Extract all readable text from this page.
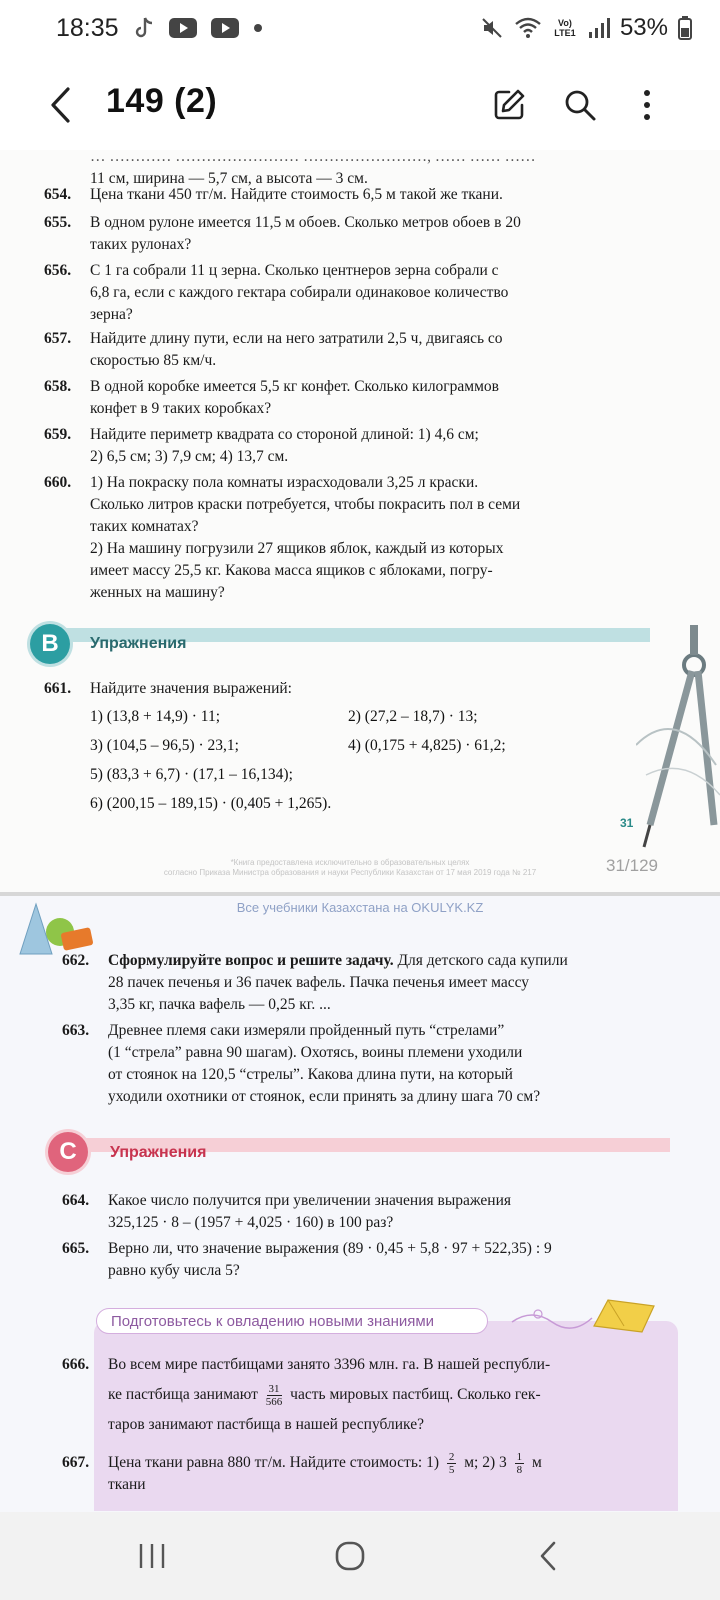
18:35	Vo) LTE1 53%
149 (2)
… ………… …………………… ……………………, …… …… ……
11 см, ширина — 5,7 см, а высота — 3 см.
654. Цена ткани 450 тг/м. Найдите стоимость 6,5 м такой же ткани.
655. В одном рулоне имеется 11,5 м обоев. Сколько метров обоев в 20
таких рулонах?
656. С 1 га собрали 11 ц зерна. Сколько центнеров зерна собрали с
6,8 га, если с каждого гектара собирали одинаковое количество
зерна?
657. Найдите длину пути, если на него затратили 2,5 ч, двигаясь со
скоростью 85 км/ч.
658. В одной коробке имеется 5,5 кг конфет. Сколько килограммов
конфет в 9 таких коробках?
659. Найдите периметр квадрата со стороной длиной: 1) 4,6 см;
2) 6,5 см; 3) 7,9 см; 4) 13,7 см.
660. 1) На покраску пола комнаты израсходовали 3,25 л краски.
Сколько литров краски потребуется, чтобы покрасить пол в семи
таких комнатах?
2) На машину погрузили 27 ящиков яблок, каждый из которых
имеет массу 25,5 кг. Какова масса ящиков с яблоками, погру-
женных на машину?
B	Упражнения
661. Найдите значения выражений:
1) (13,8 + 14,9) · 11;	2) (27,2 – 18,7) · 13;
3) (104,5 – 96,5) · 23,1;	4) (0,175 + 4,825) · 61,2;
5) (83,3 + 6,7) · (17,1 – 16,134);
6) (200,15 – 189,15) · (0,405 + 1,265).
31
31/129
*Книга предоставлена исключительно в образовательных целях
согласно Приказа Министра образования и науки Республики Казахстан от 17 мая 2019 года № 217
Все учебники Казахстана на OKULYK.KZ
662. Сформулируйте вопрос и решите задачу. Для детского сада купили
28 пачек печенья и 36 пачек вафель. Пачка печенья имеет массу
3,35 кг, пачка вафель — 0,25 кг. ...
663. Древнее племя саки измеряли пройденный путь “стрелами”
(1 “стрела” равна 90 шагам). Охотясь, воины племени уходили
от стоянок на 120,5 “стрелы”. Какова длина пути, на который
уходили охотники от стоянок, если принять за длину шага 70 см?
C	Упражнения
664. Какое число получится при увеличении значения выражения
325,125 · 8 – (1957 + 4,025 · 160) в 100 раз?
665. Верно ли, что значение выражения (89 · 0,45 + 5,8 · 97 + 522,35) : 9
равно кубу числа 5?
Подготовьтесь к овладению новыми знаниями
666. Во всем мире пастбищами занято 3396 млн. га. В нашей республи-
ке пастбища занимают $\frac{31}{566}$ часть мировых пастбищ. Сколько гек-
таров занимают пастбища в нашей республике?
667. Цена ткани равна 880 тг/м. Найдите стоимость: $1) \frac{2}{5} м$; 2) $3 \frac{1}{8}$ м
ткани
